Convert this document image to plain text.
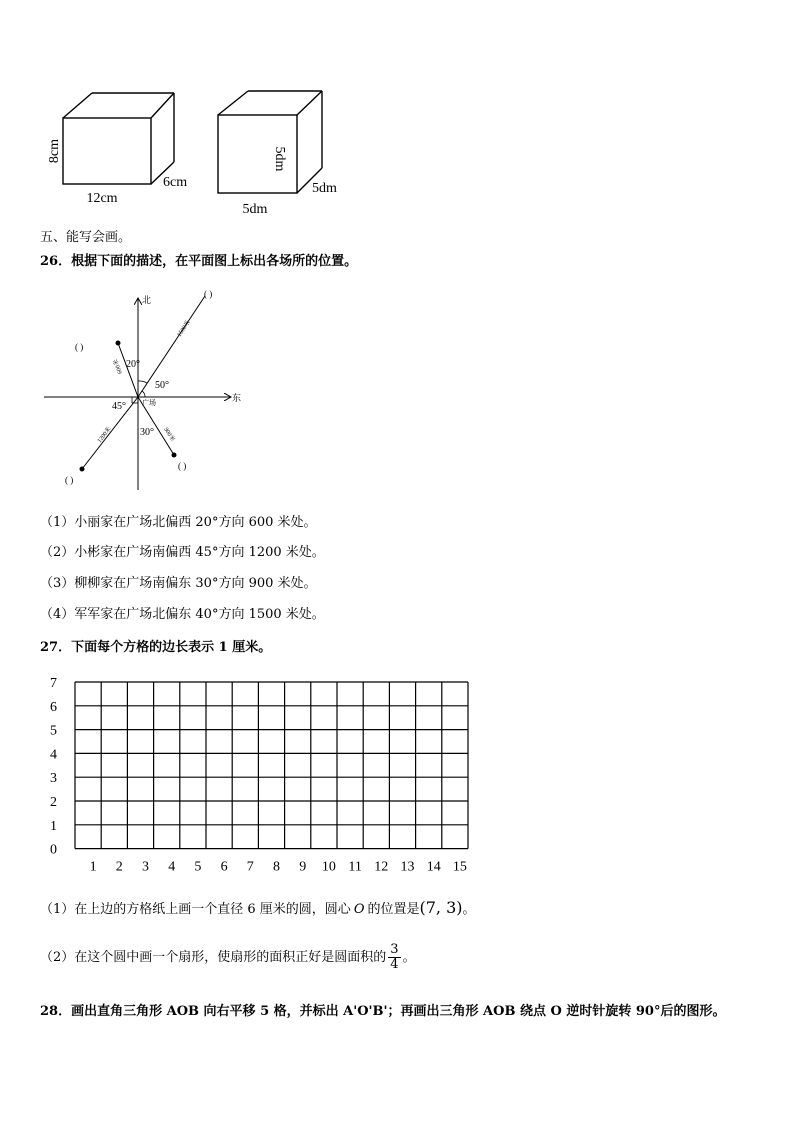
8cm
12cm
6cm
5dm
5dm
5dm
五、能写会画。
26．根据下面的描述，在平面图上标出各场所的位置。
北
东
广场
20°
50°
45°
30°
1500米
600米
1200米	900米
( )
( )
( )
( )
（1）小丽家在广场北偏西 20°方向 600 米处。
（2）小彬家在广场南偏西 45°方向 1200 米处。
（3）柳柳家在广场南偏东 30°方向 900 米处。
（4）军军家在广场北偏东 40°方向 1500 米处。
27．下面每个方格的边长表示 1 厘米。
7
6
5
4
3
2
1
0
1 2 3 4 5 6 7 8 9 10 11 12 13 14 15
（1）在上边的方格纸上画一个直径 6 厘米的圆，圆心 O 的位置是(7, 3)。
（2）在这个圆中画一个扇形，使扇形的面积正好是圆面积的 $\frac{3}{4}$ 。
28．画出直角三角形 AOB 向右平移 5 格，并标出 A'O'B'；再画出三角形 AOB 绕点 O 逆时针旋转 90°后的图形。
